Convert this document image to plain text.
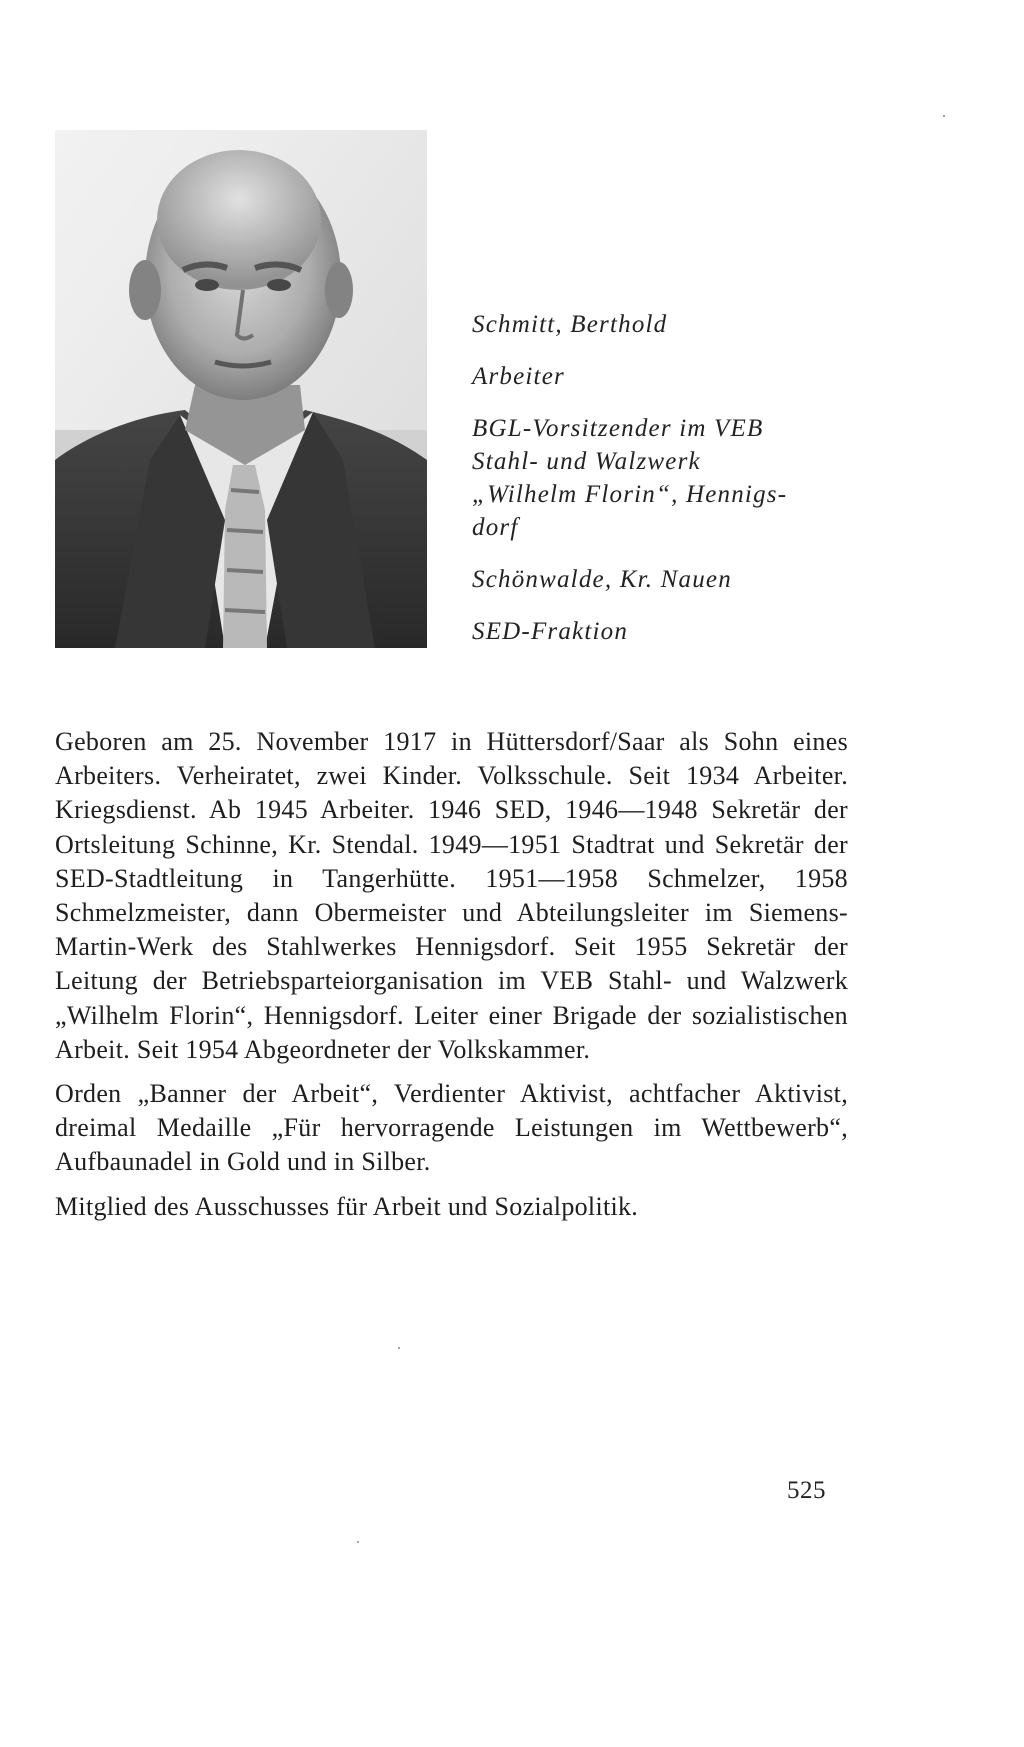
Schmitt, Berthold
Arbeiter
BGL-Vorsitzender im VEB
Stahl- und Walzwerk
„Wilhelm Florin“, Hennigs-
dorf
Schönwalde, Kr. Nauen
SED-Fraktion

Geboren am 25. November 1917 in Hüttersdorf/Saar als Sohn eines Arbeiters. Verheiratet, zwei Kinder. Volksschule. Seit 1934 Arbeiter. Kriegsdienst. Ab 1945 Arbeiter. 1946 SED, 1946—1948 Sekretär der Ortsleitung Schinne, Kr. Stendal. 1949—1951 Stadtrat und Sekretär der SED-Stadtleitung in Tangerhütte. 1951—1958 Schmelzer, 1958 Schmelzmeister, dann Obermeister und Abteilungsleiter im Siemens-Martin-Werk des Stahlwerkes Hennigsdorf. Seit 1955 Sekretär der Leitung der Betriebsparteiorganisation im VEB Stahl- und Walzwerk „Wilhelm Florin“, Hennigsdorf. Leiter einer Brigade der sozialistischen Arbeit. Seit 1954 Abgeordneter der Volkskammer.

Orden „Banner der Arbeit“, Verdienter Aktivist, achtfacher Aktivist, dreimal Medaille „Für hervorragende Leistungen im Wettbewerb“, Aufbaunadel in Gold und in Silber.

Mitglied des Ausschusses für Arbeit und Sozialpolitik.

525
